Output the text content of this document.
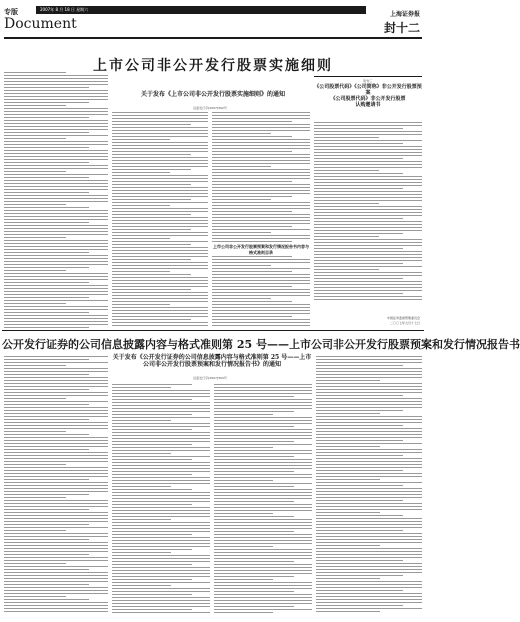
专版	2007年 8 月 18 日 星期六
Document
上海证券报
封十二
上市公司非公开发行股票实施细则
关于发布《上市公司非公开发行股票实施细则》的通知
证监发行字[2007]302号
附件三
《公司股票代码》《公司简称》非公开发行股票预案
《公司股票代码》非公开发行股票
认购邀请书
上市公司非公开发行股票预案和发行情况报告书内容与格式准则目录
中国证券监督管理委员会
二〇〇七年九月十七日
公开发行证券的公司信息披露内容与格式准则第 25 号——上市公司非公开发行股票预案和发行情况报告书
关于发布《公开发行证券的公司信息披露内容与格式准则第 25 号——上市公司非公开发行股票预案和发行情况报告书》的通知
证监发行字[2007]303号
